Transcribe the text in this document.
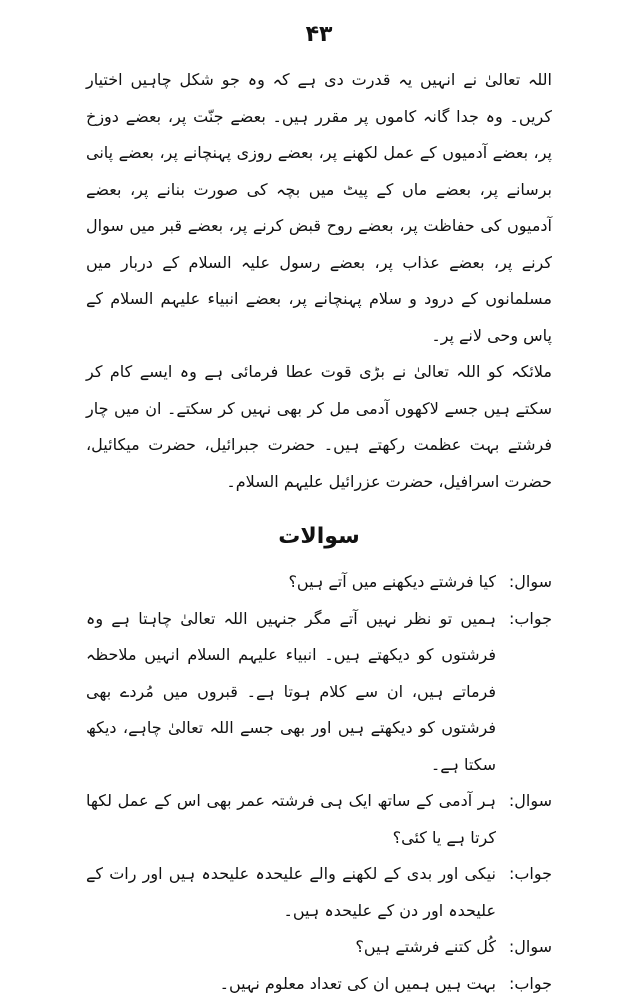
۴۳

اللہ تعالیٰ نے انہیں یہ قدرت دی ہے کہ وہ جو شکل چاہیں اختیار کریں۔ وہ جدا گانہ کاموں پر مقرر ہیں۔ بعضے جنّت پر، بعضے دوزخ پر، بعضے آدمیوں کے عمل لکھنے پر، بعضے روزی پہنچانے پر، بعضے پانی برسانے پر، بعضے ماں کے پیٹ میں بچہ کی صورت بنانے پر، بعضے آدمیوں کی حفاظت پر، بعضے روح قبض کرنے پر، بعضے قبر میں سوال کرنے پر، بعضے عذاب پر، بعضے رسول علیہ السلام کے دربار میں مسلمانوں کے درود و سلام پہنچانے پر، بعضے انبیاء علیہم السلام کے پاس وحی لانے پر۔

ملائکہ کو اللہ تعالیٰ نے بڑی قوت عطا فرمائی ہے وہ ایسے کام کر سکتے ہیں جسے لاکھوں آدمی مل کر بھی نہیں کر سکتے۔ ان میں چار فرشتے بہت عظمت رکھتے ہیں۔ حضرت جبرائیل، حضرت میکائیل، حضرت اسرافیل، حضرت عزرائیل علیہم السلام۔

سوالات
سوال:
کیا فرشتے دیکھنے میں آتے ہیں؟
جواب:
ہمیں تو نظر نہیں آتے مگر جنہیں اللہ تعالیٰ چاہتا ہے وہ فرشتوں کو دیکھتے ہیں۔ انبیاء علیہم السلام انہیں ملاحظہ فرماتے ہیں، ان سے کلام ہوتا ہے۔ قبروں میں مُردے بھی فرشتوں کو دیکھتے ہیں اور بھی جسے اللہ تعالیٰ چاہے، دیکھ سکتا ہے۔
سوال:
ہر آدمی کے ساتھ ایک ہی فرشتہ عمر بھی اس کے عمل لکھا کرتا ہے یا کئی؟
جواب:
نیکی اور بدی کے لکھنے والے علیحدہ علیحدہ ہیں اور رات کے علیحدہ اور دن کے علیحدہ ہیں۔
سوال:
کُل کتنے فرشتے ہیں؟
جواب:
بہت ہیں ہمیں ان کی تعداد معلوم نہیں۔
